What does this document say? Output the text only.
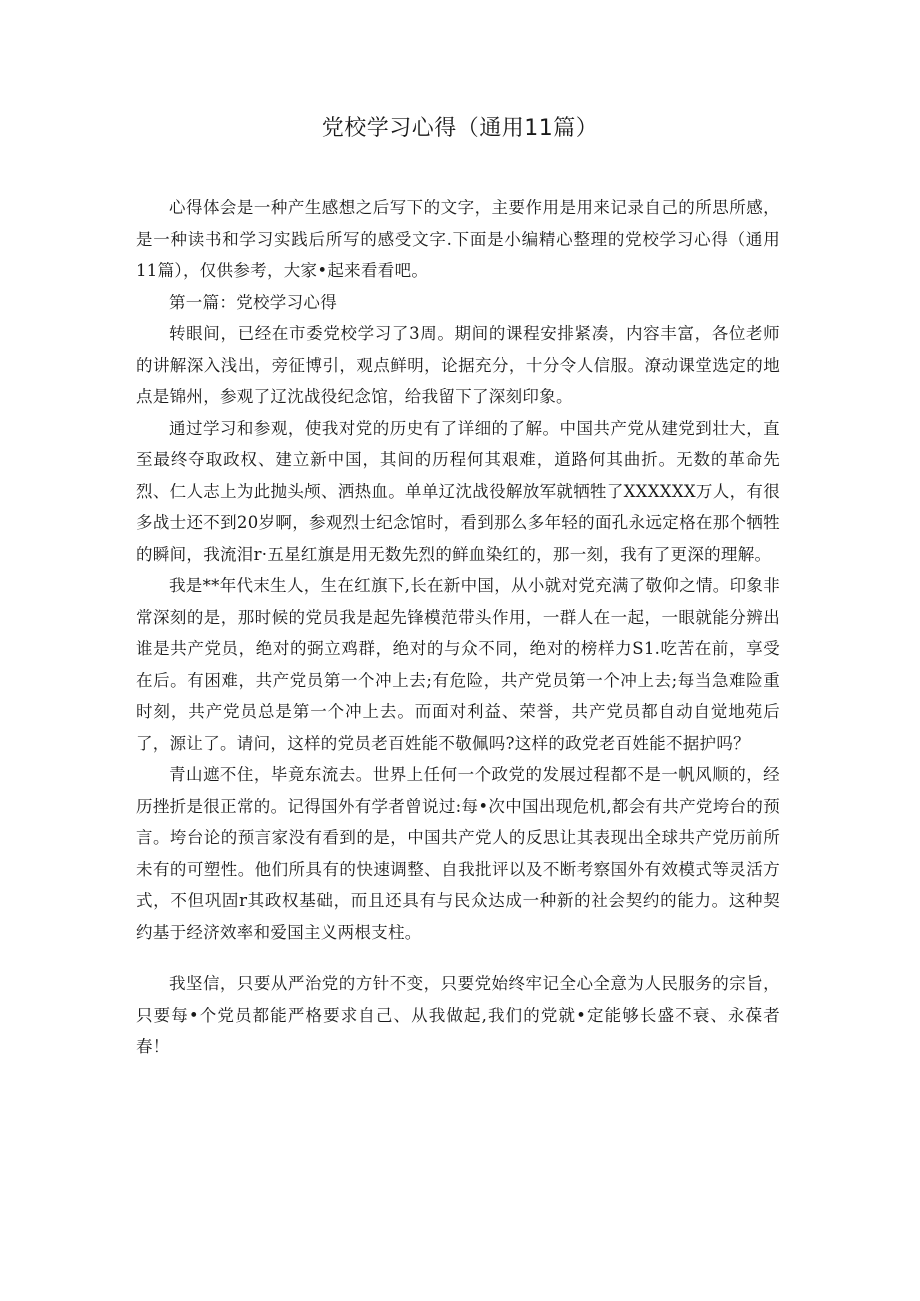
党校学习心得（通用11篇）

心得体会是一种产生感想之后写下的文字，主要作用是用来记录自己的所思所感，是一种读书和学习实践后所写的感受文字.下面是小编精心整理的党校学习心得（通用11篇），仅供参考，大家•起来看看吧。

第一篇：党校学习心得

转眼间，已经在市委党校学习了3周。期间的课程安排紧凑，内容丰富，各位老师的讲解深入浅出，旁征博引，观点鲜明，论据充分，十分令人信服。潦动课堂选定的地点是锦州，参观了辽沈战役纪念馆，给我留下了深刻印象。

通过学习和参观，使我对党的历史有了详细的了解。中国共产党从建党到壮大，直至最终夺取政权、建立新中国，其间的历程何其艰难，道路何其曲折。无数的革命先烈、仁人志上为此抛头颅、洒热血。单单辽沈战役解放军就牺牲了XXXXXX万人，有很多战士还不到20岁啊，参观烈士纪念馆时，看到那么多年轻的面孔永远定格在那个牺牲的瞬间，我流泪r·五星红旗是用无数先烈的鲜血染红的，那一刻，我有了更深的理解。

我是**年代末生人，生在红旗下,长在新中国，从小就对党充满了敬仰之情。印象非常深刻的是，那时候的党员我是起先锋模范带头作用，一群人在一起，一眼就能分辨出谁是共产党员，绝对的弼立鸡群，绝对的与众不同，绝对的榜样力S1.吃苦在前，享受在后。有困难，共产党员第一个冲上去;有危险，共产党员第一个冲上去;每当急难险重时刻，共产党员总是第一个冲上去。而面对利益、荣誉，共产党员都自动自觉地苑后了，源让了。请问，这样的党员老百姓能不敬佩吗?这样的政党老百姓能不据护吗？

青山遮不住，毕竟东流去。世界上任何一个政党的发展过程都不是一帆风顺的，经历挫折是很正常的。记得国外有学者曾说过:每•次中国出现危机,都会有共产党垮台的预言。垮台论的预言家没有看到的是，中国共产党人的反思让其表现出全球共产党历前所未有的可塑性。他们所具有的快速调整、自我批评以及不断考察国外有效模式等灵活方式，不但巩固r其政权基础，而且还具有与民众达成一种新的社会契约的能力。这种契约基于经济效率和爱国主义两根支柱。

我坚信，只要从严治党的方针不变，只要党始终牢记全心全意为人民服务的宗旨，只要每•个党员都能严格要求自己、从我做起,我们的党就•定能够长盛不衰、永葆者春！
